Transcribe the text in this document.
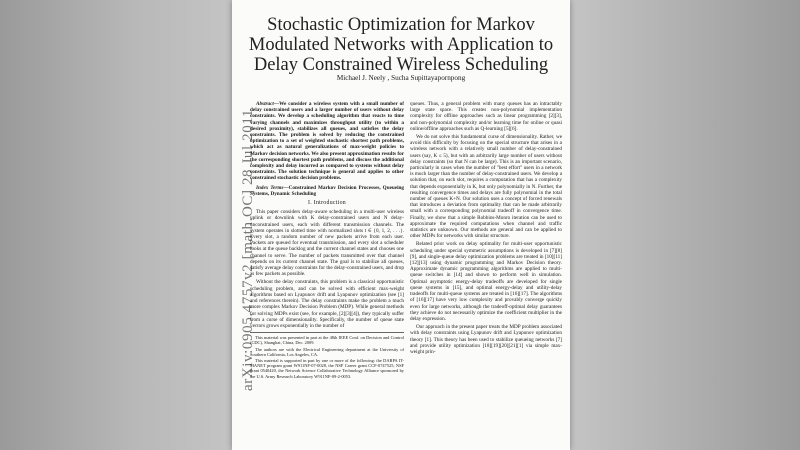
arXiv:0905.4757v2 [math.OC] 28 Jul 2011
Stochastic Optimization for Markov Modulated Networks with Application to Delay Constrained Wireless Scheduling
Michael J. Neely , Sucha Supittayapornpong
Abstract—We consider a wireless system with a small number of delay constrained users and a larger number of users without delay constraints. We develop a scheduling algorithm that reacts to time varying channels and maximizes throughput utility (to within a desired proximity), stabilizes all queues, and satisfies the delay constraints. The problem is solved by reducing the constrained optimization to a set of weighted stochastic shortest path problems, which act as natural generalizations of max-weight policies to Markov decision networks. We also present approximation results for the corresponding shortest path problems, and discuss the additional complexity and delay incurred as compared to systems without delay constraints. The solution technique is general and applies to other constrained stochastic decision problems.
Index Terms—Constrained Markov Decision Processes, Queueing Systems, Dynamic Scheduling
I. Introduction

This paper considers delay-aware scheduling in a multi-user wireless uplink or downlink with K delay-constrained users and N delay-unconstrained users, each with different transmission channels. The system operates in slotted time with normalized slots t ∈ {0, 1, 2, . . .}. Every slot, a random number of new packets arrive from each user. Packets are queued for eventual transmission, and every slot a scheduler looks at the queue backlog and the current channel states and chooses one channel to serve. The number of packets transmitted over that channel depends on its current channel state. The goal is to stabilize all queues, satisfy average delay constraints for the delay-constrained users, and drop as few packets as possible.

Without the delay constraints, this problem is a classical opportunistic scheduling problem, and can be solved with efficient max-weight algorithms based on Lyapunov drift and Lyapunov optimization (see [1] and references therein). The delay constraints make the problem a much more complex Markov Decision Problem (MDP). While general methods for solving MDPs exist (see, for example, [2][3][4]), they typically suffer from a curse of dimensionality. Specifically, the number of queue state vectors grows exponentially in the number of

This material was presented in part at the 48th IEEE Conf. on Decision and Control (CDC), Shanghai, China, Dec. 2009.

The authors are with the Electrical Engineering department at the University of Southern California, Los Angeles, CA.

This material is supported in part by one or more of the following: the DARPA IT-MANET program grant W911NF-07-0028, the NSF Career grant CCF-0747525, NSF grant 0540420, the Network Science Collaborative Technology Alliance sponsored by the U.S. Army Research Laboratory W911NF-09-2-0053.

queues. Thus, a general problem with many queues has an intractably large state space. This creates non-polynomial implementation complexity for offline approaches such as linear programming [2][3], and non-polynomial complexity and/or learning time for online or quasi online/offline approaches such as Q-learning [5][6].

We do not solve this fundamental curse of dimensionality. Rather, we avoid this difficulty by focusing on the special structure that arises in a wireless network with a relatively small number of delay-constrained users (say, K ≤ 5), but with an arbitrarily large number of users without delay constraints (so that N can be large). This is an important scenario, particularly in cases when the number of "best effort" users in a network is much larger than the number of delay-constrained users. We develop a solution that, on each slot, requires a computation that has a complexity that depends exponentially in K, but only polynomially in N. Further, the resulting convergence times and delays are fully polynomial in the total number of queues K+N. Our solution uses a concept of forced renewals that introduces a deviation from optimality that can be made arbitrarily small with a corresponding polynomial tradeoff in convergence time. Finally, we show that a simple Robbins-Monro iteration can be used to approximate the required computations when channel and traffic statistics are unknown. Our methods are general and can be applied to other MDPs for networks with similar structure.

Related prior work on delay optimality for multi-user opportunistic scheduling under special symmetric assumptions is developed in [7][8][9], and single-queue delay optimization problems are treated in [10][11][12][13] using dynamic programming and Markov Decision theory. Approximate dynamic programming algorithms are applied to multi-queue switches in [14] and shown to perform well in simulation. Optimal asymptotic energy-delay tradeoffs are developed for single queue systems in [15], and optimal energy-delay and utility-delay tradeoffs for multi-queue systems are treated in [16][17]. The algorithms of [16][17] have very low complexity and provably converge quickly even for large networks, although the tradeoff-optimal delay guarantees they achieve do not necessarily optimize the coefficient multiplier in the delay expression.

Our approach in the present paper treats the MDP problem associated with delay constraints using Lyapunov drift and Lyapunov optimization theory [1]. This theory has been used to stabilize queueing networks [7] and provide utility optimization [18][19][20][21][1] via simple max-weight prin-
